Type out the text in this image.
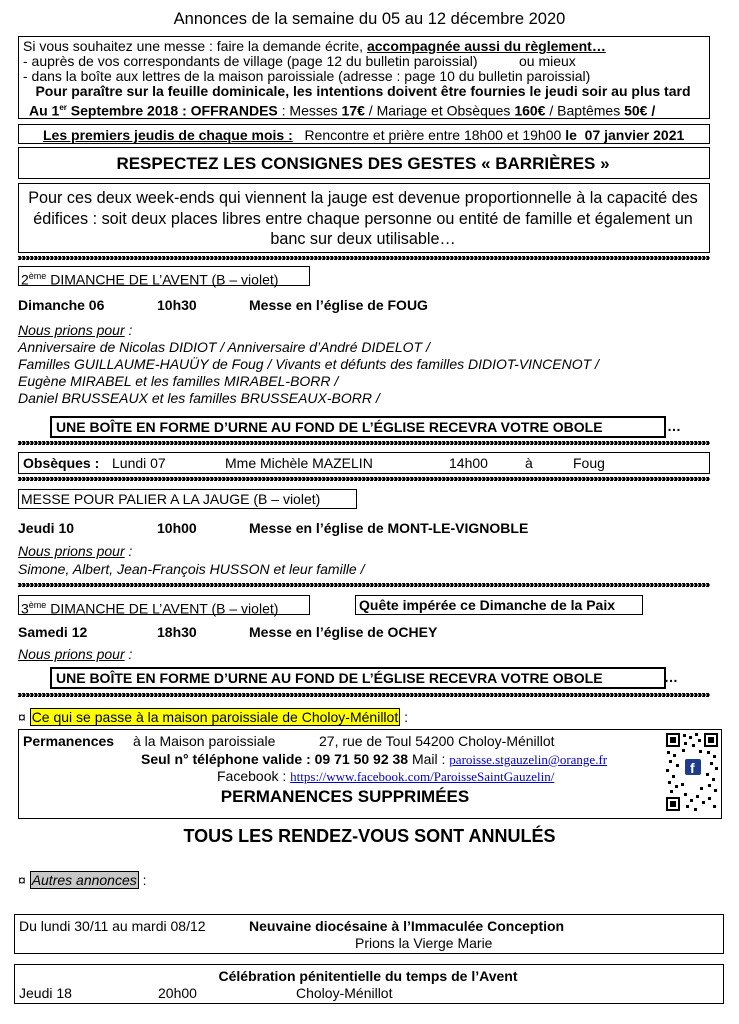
Annonces de la semaine du 05 au 12 décembre 2020
Si vous souhaitez une messe : faire la demande écrite, accompagnée aussi du règlement…
- auprès de vos correspondants de village (page 12 du bulletin paroissial)	ou mieux
- dans la boîte aux lettres de la maison paroissiale (adresse : page 10 du bulletin paroissial)
Pour paraître sur la feuille dominicale, les intentions doivent être fournies le jeudi soir au plus tard
Au 1er Septembre 2018 : OFFRANDES : Messes 17€ / Mariage et Obsèques 160€ / Baptêmes 50€ /
Les premiers jeudis de chaque mois : Rencontre et prière entre 18h00 et 19h00 le 07 janvier 2021
RESPECTEZ LES CONSIGNES DES GESTES « BARRIÈRES »
Pour ces deux week-ends qui viennent la jauge est devenue proportionnelle à la capacité des édifices : soit deux places libres entre chaque personne ou entité de famille et également un banc sur deux utilisable…
2ème DIMANCHE DE L’AVENT (B – violet)
Dimanche 06	10h30	Messe en l’église de FOUG
Nous prions pour :
Anniversaire de Nicolas DIDIOT / Anniversaire d’André DIDELOT /
Familles GUILLAUME-HAUÜY de Foug / Vivants et défunts des familles DIDIOT-VINCENOT /
Eugène MIRABEL et les familles MIRABEL-BORR /
Daniel BRUSSEAUX et les familles BRUSSEAUX-BORR /
UNE BOÎTE EN FORME D’URNE AU FOND DE L’ÉGLISE RECEVRA VOTRE OBOLE	…
Obsèques : Lundi 07	Mme Michèle MAZELIN	14h00	à	Foug
MESSE POUR PALIER A LA JAUGE (B – violet)
Jeudi 10	10h00	Messe en l’église de MONT-LE-VIGNOBLE
Nous prions pour :
Simone, Albert, Jean-François HUSSON et leur famille /
3ème DIMANCHE DE L’AVENT (B – violet)	Quête impérée ce Dimanche de la Paix
Samedi 12	18h30	Messe en l’église de OCHEY
Nous prions pour :
UNE BOÎTE EN FORME D’URNE AU FOND DE L’ÉGLISE RECEVRA VOTRE OBOLE	…
¤ Ce qui se passe à la maison paroissiale de Choloy-Ménillot :
Permanences à la Maison paroissiale	27, rue de Toul 54200 Choloy-Ménillot
Seul n° téléphone valide : 09 71 50 92 38 Mail : paroisse.stgauzelin@orange.fr
Facebook : https://www.facebook.com/ParoisseSaintGauzelin/
PERMANENCES SUPPRIMÉES
f
TOUS LES RENDEZ-VOUS SONT ANNULÉS
¤ Autres annonces :
Du lundi 30/11 au mardi 08/12	Neuvaine diocésaine à l’Immaculée Conception
Prions la Vierge Marie
Célébration pénitentielle du temps de l’Avent
Jeudi 18	20h00	Choloy-Ménillot
